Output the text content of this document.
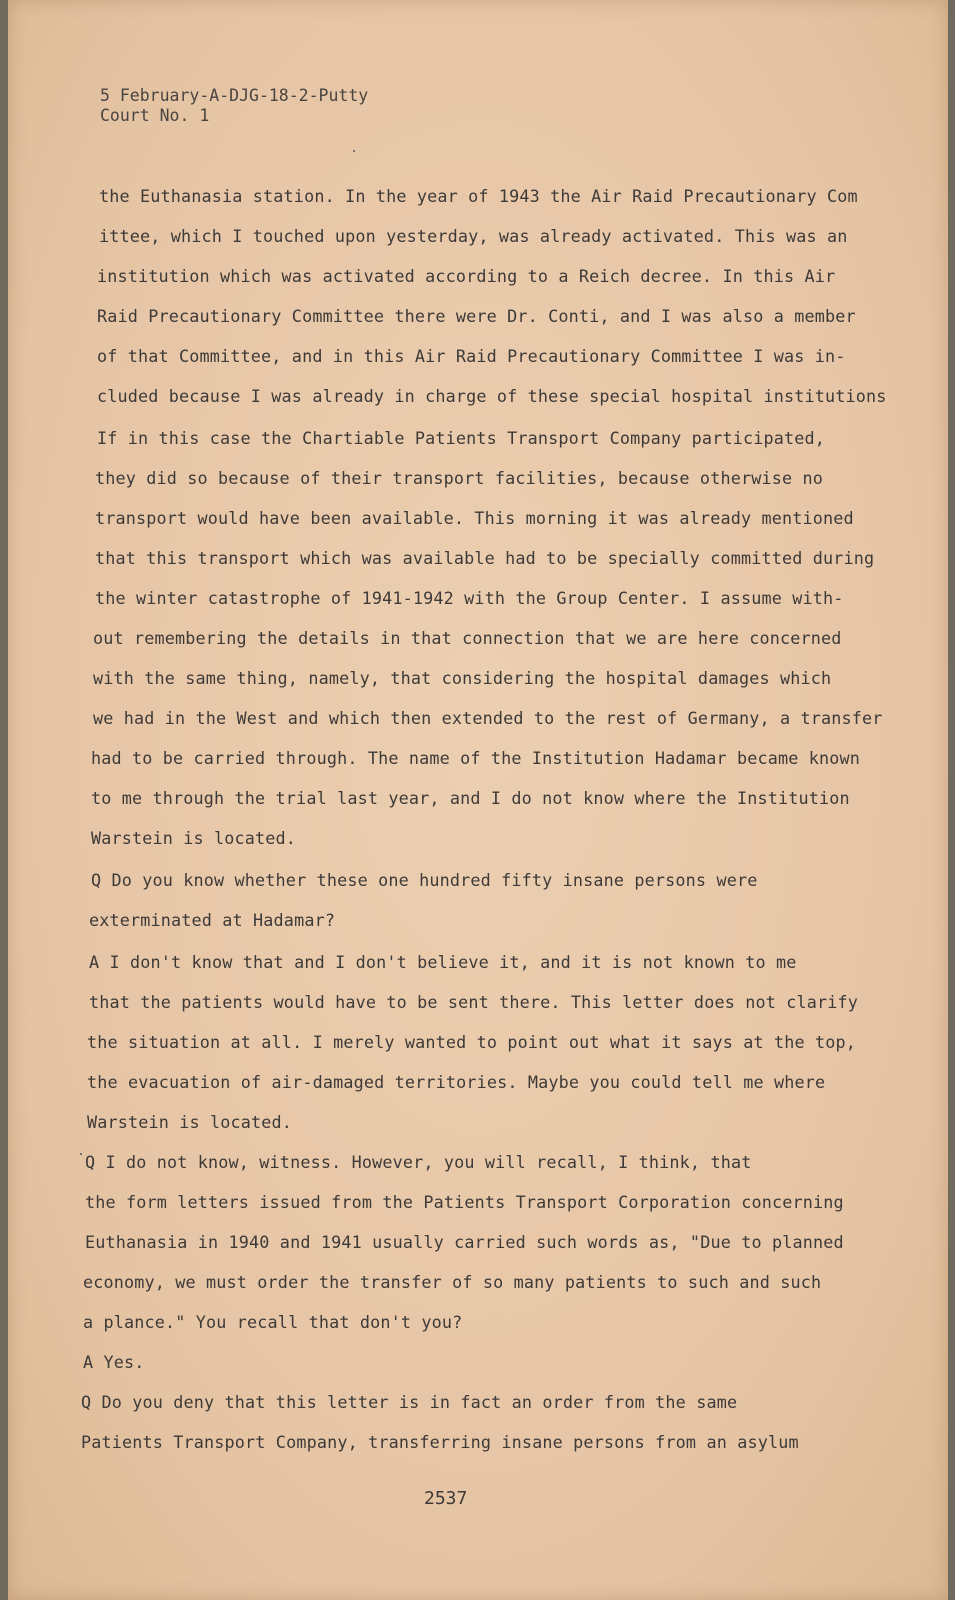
5 February-A-DJG-18-2-Putty
Court No. 1
the Euthanasia station. In the year of 1943 the Air Raid Precautionary Com
ittee, which I touched upon yesterday, was already activated. This was an
institution which was activated according to a Reich decree. In this Air
Raid Precautionary Committee there were Dr. Conti, and I was also a member
of that Committee, and in this Air Raid Precautionary Committee I was in-
cluded because I was already in charge of these special hospital institutions
If in this case the Chartiable Patients Transport Company participated,
they did so because of their transport facilities, because otherwise no
transport would have been available. This morning it was already mentioned
that this transport which was available had to be specially committed during
the winter catastrophe of 1941-1942 with the Group Center. I assume with-
out remembering the details in that connection that we are here concerned
with the same thing, namely, that considering the hospital damages which
we had in the West and which then extended to the rest of Germany, a transfer
had to be carried through. The name of the Institution Hadamar became known
to me through the trial last year, and I do not know where the Institution
Warstein is located.
Q Do you know whether these one hundred fifty insane persons were
exterminated at Hadamar?
A I don't know that and I don't believe it, and it is not known to me
that the patients would have to be sent there. This letter does not clarify
the situation at all. I merely wanted to point out what it says at the top,
the evacuation of air-damaged territories. Maybe you could tell me where
Warstein is located.
Q I do not know, witness. However, you will recall, I think, that
the form letters issued from the Patients Transport Corporation concerning
Euthanasia in 1940 and 1941 usually carried such words as, "Due to planned
economy, we must order the transfer of so many patients to such and such
a plance." You recall that don't you?
A Yes.
Q Do you deny that this letter is in fact an order from the same
Patients Transport Company, transferring insane persons from an asylum
2537
